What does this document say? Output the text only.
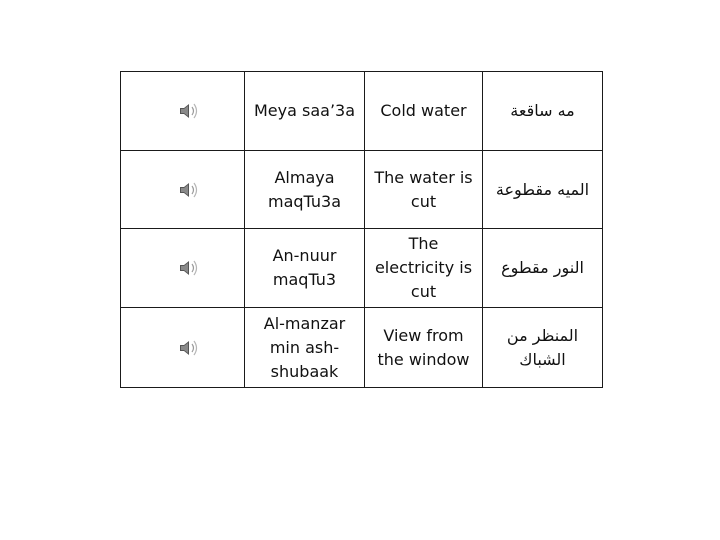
	Meya saa’3a	Cold water	مه ساقعة
	Almaya maqTu3a	The water is cut	الميه مقطوعة
	An-nuur maqTu3	The electricity is cut	النور مقطوع
	Al-manzar min ash-shubaak	View from the window	المنظر من الشباك
